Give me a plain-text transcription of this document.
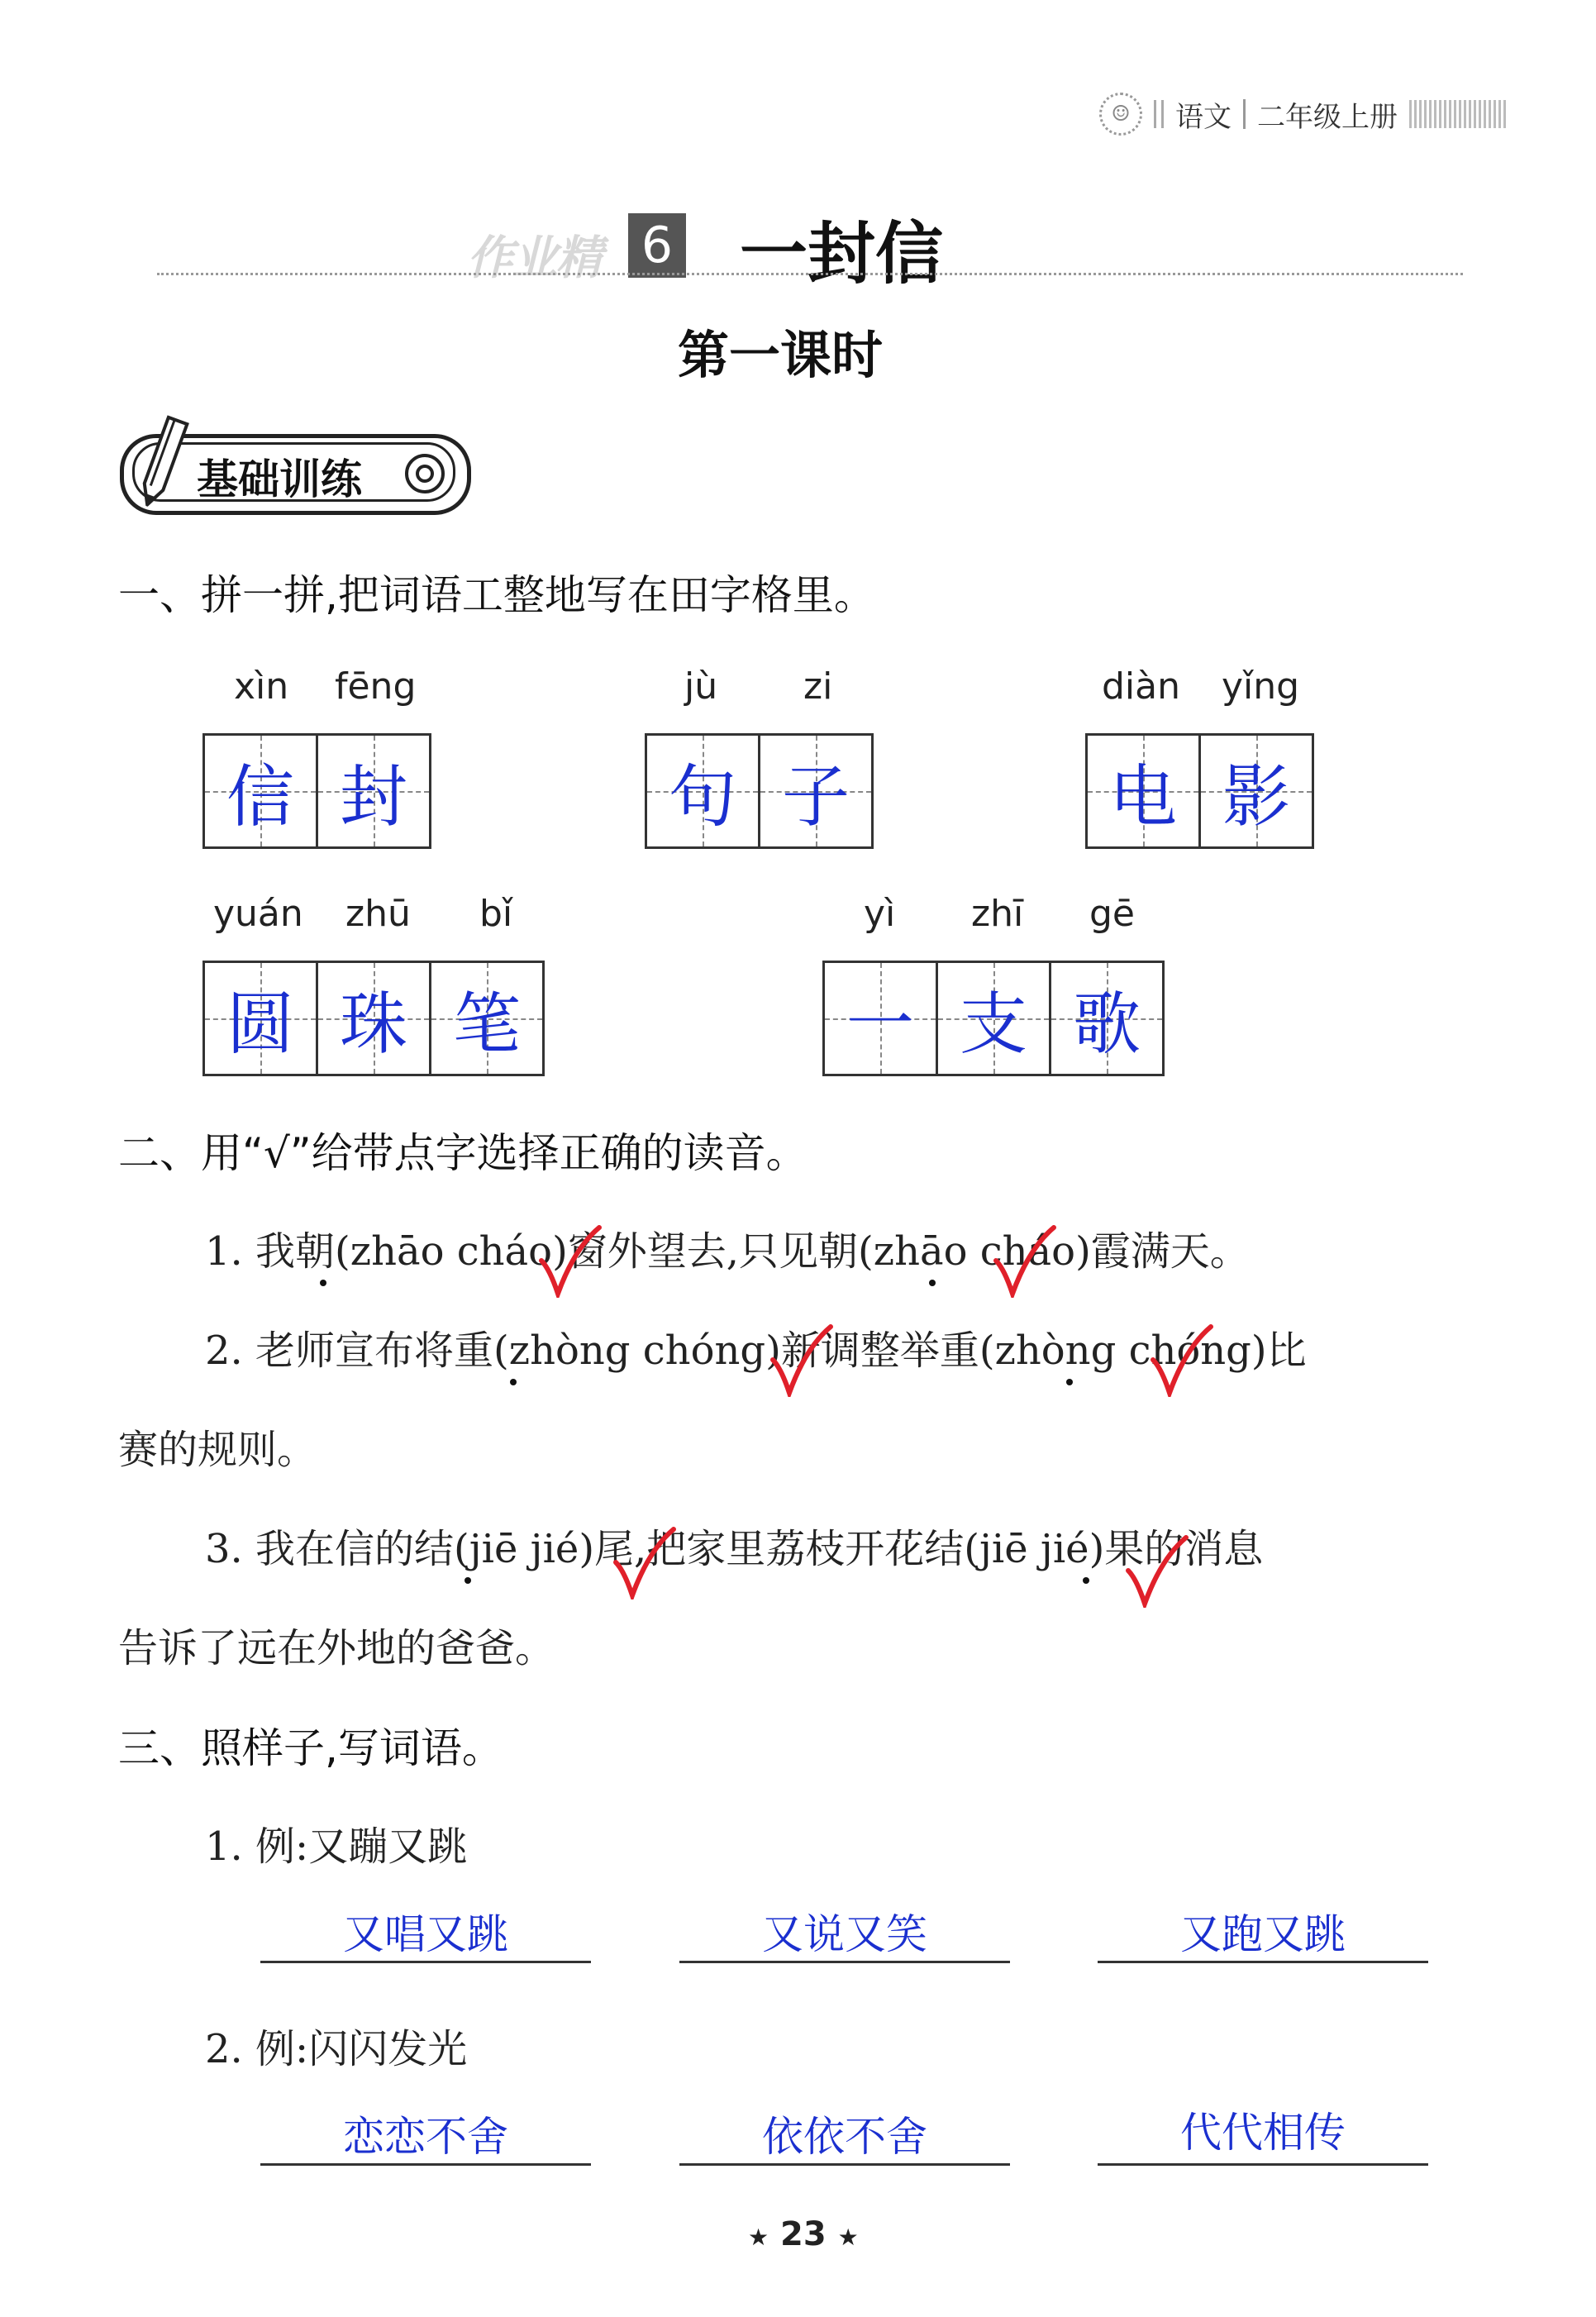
☺	语文 二年级上册
作业精 6 一封信
第一课时
基础训练
一、拼一拼,把词语工整地写在田字格里。
xìn fēng
信 封
jù zi
句 子
diàn yǐng
电 影
yuán zhū bǐ
圆 珠 笔
yì zhī gē
一 支 歌
二、用“√”给带点字选择正确的读音。
1. 我朝(zhāo cháo)窗外望去,只见朝(zhāo cháo)霞满天。
2. 老师宣布将重(zhòng chóng)新调整举重(zhòng chóng)比
赛的规则。
3. 我在信的结(jiē jié)尾,把家里荔枝开花结(jiē jié)果的消息
告诉了远在外地的爸爸。
三、照样子,写词语。
1. 例:又蹦又跳
又唱又跳	又说又笑	又跑又跳
2. 例:闪闪发光
恋恋不舍	依依不舍	代代相传
★ 23 ★
